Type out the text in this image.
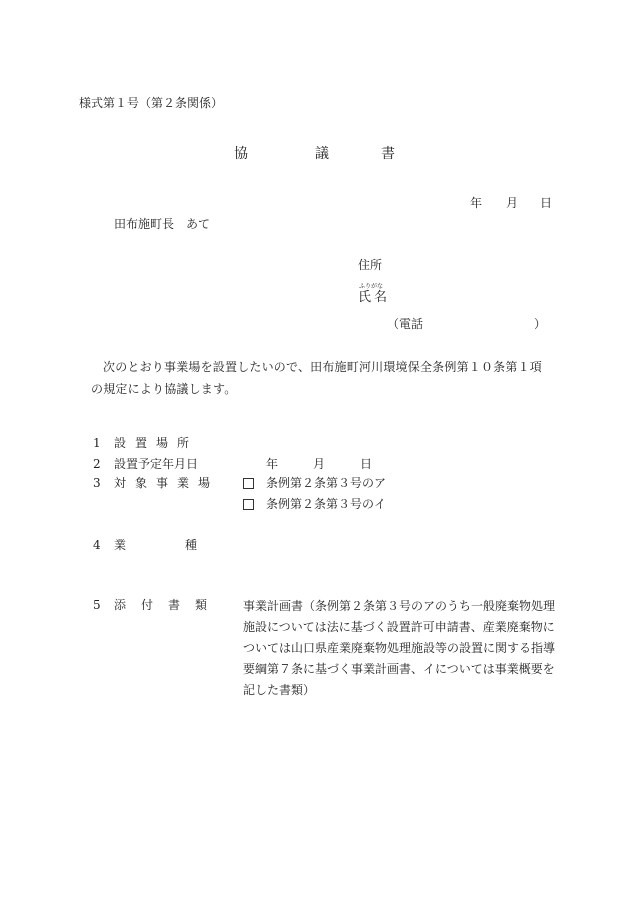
様式第１号（第２条関係）
協	議	書
年 月 日
田布施町長　あて
住所
ふりがな
氏名
（電話	）
次のとおり事業場を設置したいので、田布施町河川環境保全条例第１０条第１項の規定により協議します。
1 設置場所
2 設置予定年月日	年	月	日
3 対象事業場	条例第２条第３号のア
条例第２条第３号のイ
4 業	種
5 添付書類 事業計画書（条例第２条第３号のアのうち一般廃棄物処理
施設については法に基づく設置許可申請書、産業廃棄物に
ついては山口県産業廃棄物処理施設等の設置に関する指導
要綱第７条に基づく事業計画書、イについては事業概要を
記した書類）
